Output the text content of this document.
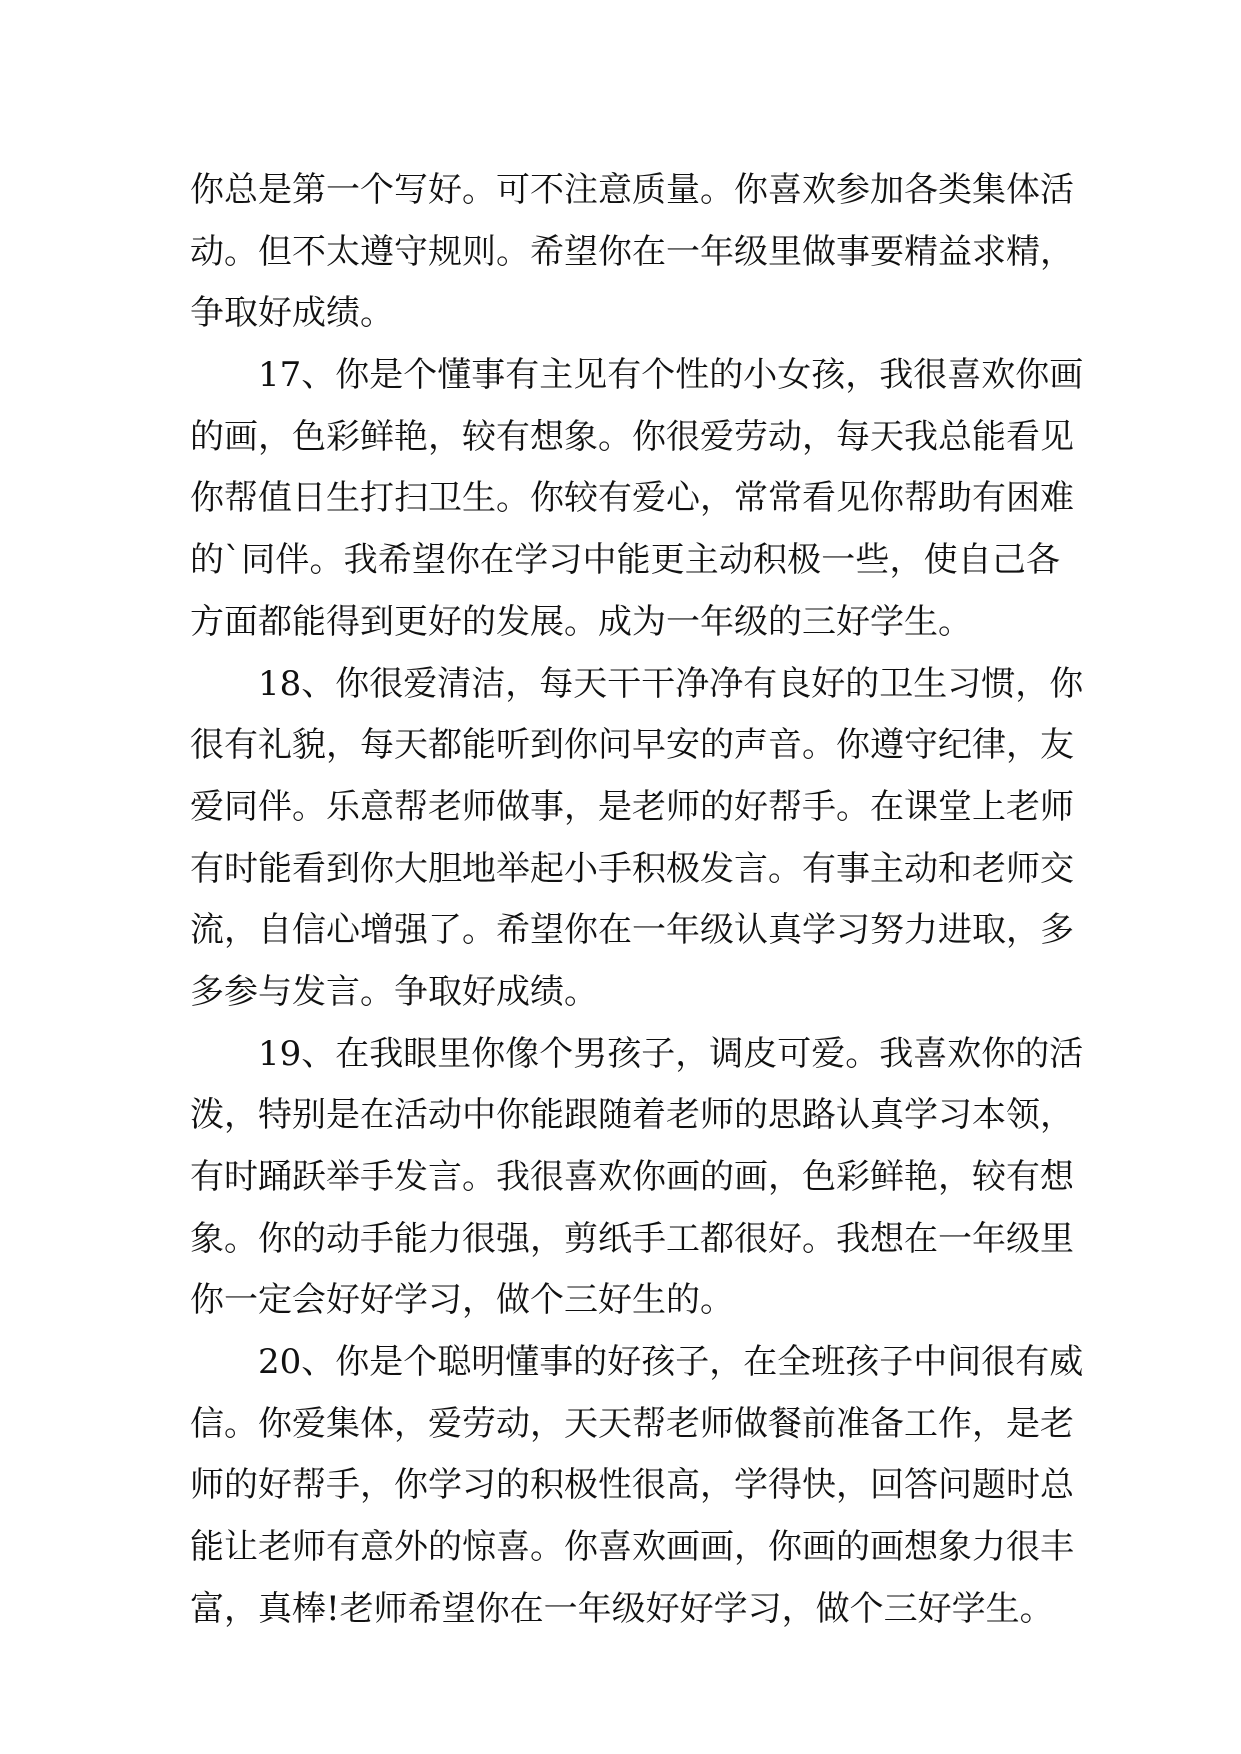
你总是第一个写好。可不注意质量。你喜欢参加各类集体活
动。但不太遵守规则。希望你在一年级里做事要精益求精，
争取好成绩。
17、你是个懂事有主见有个性的小女孩，我很喜欢你画
的画，色彩鲜艳，较有想象。你很爱劳动，每天我总能看见
你帮值日生打扫卫生。你较有爱心，常常看见你帮助有困难
的`同伴。我希望你在学习中能更主动积极一些，使自己各
方面都能得到更好的发展。成为一年级的三好学生。
18、你很爱清洁，每天干干净净有良好的卫生习惯，你
很有礼貌，每天都能听到你问早安的声音。你遵守纪律，友
爱同伴。乐意帮老师做事，是老师的好帮手。在课堂上老师
有时能看到你大胆地举起小手积极发言。有事主动和老师交
流，自信心增强了。希望你在一年级认真学习努力进取，多
多参与发言。争取好成绩。
19、在我眼里你像个男孩子，调皮可爱。我喜欢你的活
泼，特别是在活动中你能跟随着老师的思路认真学习本领，
有时踊跃举手发言。我很喜欢你画的画，色彩鲜艳，较有想
象。你的动手能力很强，剪纸手工都很好。我想在一年级里
你一定会好好学习，做个三好生的。
20、你是个聪明懂事的好孩子，在全班孩子中间很有威
信。你爱集体，爱劳动，天天帮老师做餐前准备工作，是老
师的好帮手，你学习的积极性很高，学得快，回答问题时总
能让老师有意外的惊喜。你喜欢画画，你画的画想象力很丰
富，真棒!老师希望你在一年级好好学习，做个三好学生。
